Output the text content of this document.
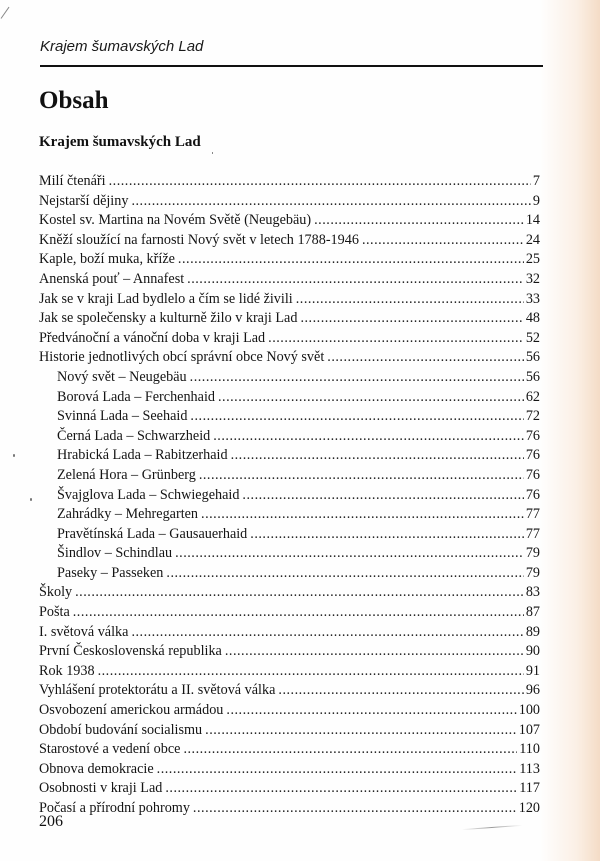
Krajem šumavských Lad
Obsah
Krajem šumavských Lad
Milí čtenáři .....	7
Nejstarší dějiny .....	9
Kostel sv. Martina na Novém Světě (Neugebäu) .....	14
Kněží sloužící na farnosti Nový svět v letech 1788-1946 .....	24
Kaple, boží muka, kříže .....	25
Anenská pouť – Annafest .....	32
Jak se v kraji Lad bydlelo a čím se lidé živili .....	33
Jak se společensky a kulturně žilo v kraji Lad .....	48
Předvánoční a vánoční doba v kraji Lad .....	52
Historie jednotlivých obcí správní obce Nový svět .....	56
Nový svět – Neugebäu .....	56
Borová Lada – Ferchenhaid .....	62
Svinná Lada – Seehaid .....	72
Černá Lada – Schwarzheid .....	76
Hrabická Lada – Rabitzerhaid .....	76
Zelená Hora – Grünberg .....	76
Švajglova Lada – Schwiegehaid .....	76
Zahrádky – Mehregarten .....	77
Pravětínská Lada – Gausauerhaid .....	77
Šindlov – Schindlau .....	79
Paseky – Passeken .....	79
Školy .....	83
Pošta .....	87
I. světová válka .....	89
První Československá republika .....	90
Rok 1938 .....	91
Vyhlášení protektorátu a II. světová válka .....	96
Osvobození americkou armádou .....	100
Období budování socialismu .....	107
Starostové a vedení obce .....	110
Obnova demokracie .....	113
Osobnosti v kraji Lad .....	117
Počasí a přírodní pohromy .....	120
206
